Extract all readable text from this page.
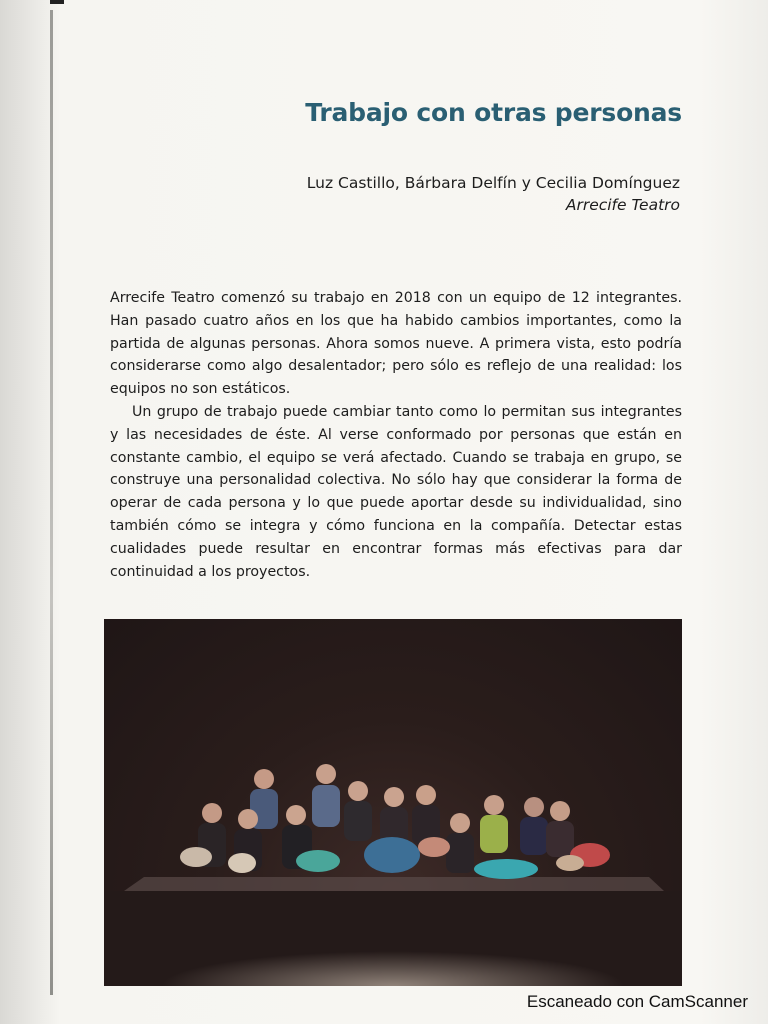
Trabajo con otras personas
Luz Castillo, Bárbara Delfín y Cecilia Domínguez
Arrecife Teatro

Arrecife Teatro comenzó su trabajo en 2018 con un equipo de 12 integrantes. Han pasado cuatro años en los que ha habido cambios importantes, como la partida de algunas personas. Ahora somos nueve. A primera vista, esto podría considerarse como algo desalentador; pero sólo es reflejo de una realidad: los equipos no son estáticos.

Un grupo de trabajo puede cambiar tanto como lo permitan sus integrantes y las necesidades de éste. Al verse conformado por personas que están en constante cambio, el equipo se verá afectado. Cuando se trabaja en grupo, se construye una personalidad colectiva. No sólo hay que considerar la forma de operar de cada persona y lo que puede aportar desde su individualidad, sino también cómo se integra y cómo funciona en la compañía. Detectar estas cualidades puede resultar en encontrar formas más efectivas para dar continuidad a los proyectos.

Escaneado con CamScanner
